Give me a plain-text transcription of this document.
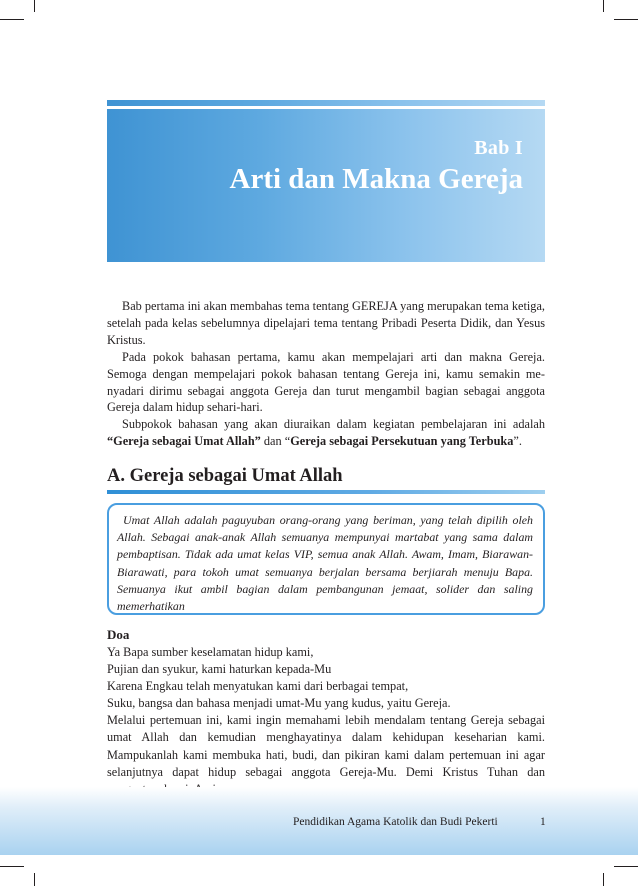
Bab I
Arti dan Makna Gereja

Bab pertama ini akan membahas tema tentang GEREJA yang merupakan tema ketiga, setelah pada kelas sebelumnya dipelajari tema tentang Pribadi Peserta Didik, dan Yesus Kristus.

Pada pokok bahasan pertama, kamu akan mempelajari arti dan makna Gereja. Semoga dengan mempelajari pokok bahasan tentang Gereja ini, kamu semakin menyadari dirimu sebagai anggota Gereja dan turut mengambil bagian sebagai anggota Gereja dalam hidup sehari-hari.

Subpokok bahasan yang akan diuraikan dalam kegiatan pembelajaran ini adalah “Gereja sebagai Umat Allah” dan “Gereja sebagai Persekutuan yang Terbuka”.

A. Gereja sebagai Umat Allah

Umat Allah adalah paguyuban orang-orang yang beriman, yang telah dipilih oleh Allah. Sebagai anak-anak Allah semuanya mempunyai martabat yang sama dalam pembaptisan. Tidak ada umat kelas VIP, semua anak Allah. Awam, Imam, Biarawan-Biarawati, para tokoh umat semuanya berjalan bersama berjiarah menuju Bapa. Semuanya ikut ambil bagian dalam pembangunan jemaat, solider dan saling memerhatikan

Doa
Ya Bapa sumber keselamatan hidup kami,
Pujian dan syukur, kami haturkan kepada-Mu
Karena Engkau telah menyatukan kami dari berbagai tempat,
Suku, bangsa dan bahasa menjadi umat-Mu yang kudus, yaitu Gereja.
Melalui pertemuan ini, kami ingin memahami lebih mendalam tentang Gereja sebagai umat Allah dan kemudian menghayatinya dalam kehidupan keseharian kami. Mampukanlah kami membuka hati, budi, dan pikiran kami dalam pertemuan ini agar selanjutnya dapat hidup sebagai anggota Gereja-Mu. Demi Kristus Tuhan dan
Pendidikan Agama Katolik dan Budi Pekerti	1
